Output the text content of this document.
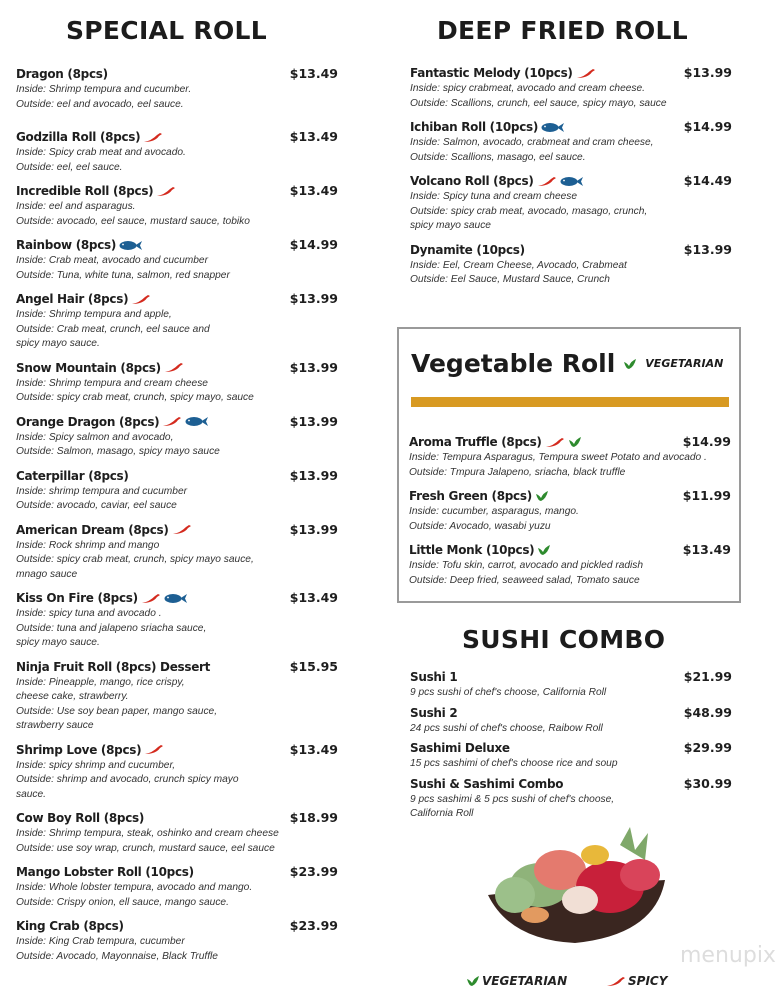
SPECIAL ROLL
Dragon (8pcs)	$13.49
Inside: Shrimp tempura and cucumber.
Outside: eel and avocado, eel sauce.
Godzilla Roll (8pcs)	$13.49
Inside: Spicy crab meat and avocado.
Outside: eel, eel sauce.
Incredible Roll (8pcs)	$13.49
Inside: eel and asparagus.
Outside: avocado, eel sauce, mustard sauce, tobiko
Rainbow (8pcs)	$14.99
Inside: Crab meat, avocado and cucumber
Outside: Tuna, white tuna, salmon, red snapper
Angel Hair (8pcs)	$13.99
Inside: Shrimp tempura and apple,
Outside: Crab meat, crunch, eel sauce and
spicy mayo sauce.
Snow Mountain (8pcs)	$13.99
Inside: Shrimp tempura and cream cheese
Outside: spicy crab meat, crunch, spicy mayo, sauce
Orange Dragon (8pcs)	$13.99
Inside: Spicy salmon and avocado,
Outside: Salmon, masago, spicy mayo sauce
Caterpillar (8pcs)	$13.99
Inside: shrimp tempura and cucumber
Outside: avocado, caviar, eel sauce
American Dream (8pcs)	$13.99
Inside: Rock shrimp and mango
Outside: spicy crab meat, crunch, spicy mayo sauce,
mnago sauce
Kiss On Fire (8pcs)	$13.49
Inside: spicy tuna and avocado .
Outside: tuna and jalapeno sriacha sauce,
spicy mayo sauce.
Ninja Fruit Roll (8pcs) Dessert	$15.95
Inside: Pineapple, mango, rice crispy,
cheese cake, strawberry.
Outside: Use soy bean paper, mango sauce,
strawberry sauce
Shrimp Love (8pcs)	$13.49
Inside: spicy shrimp and cucumber,
Outside: shrimp and avocado, crunch spicy mayo
sauce.
Cow Boy Roll (8pcs)	$18.99
Inside: Shrimp tempura, steak, oshinko and cream cheese
Outside: use soy wrap, crunch, mustard sauce, eel sauce
Mango Lobster Roll (10pcs)	$23.99
Inside: Whole lobster tempura, avocado and mango.
Outside: Crispy onion, ell sauce, mango sauce.
King Crab (8pcs)	$23.99
Inside: King Crab tempura, cucumber
Outside: Avocado, Mayonnaise, Black Truffle
DEEP FRIED ROLL
Fantastic Melody (10pcs)	$13.99
Inside: spicy crabmeat, avocado and cream cheese.
Outside: Scallions, crunch, eel sauce, spicy mayo, sauce
Ichiban Roll (10pcs)	$14.99
Inside: Salmon, avocado, crabmeat and cram cheese,
Outside: Scallions, masago, eel sauce.
Volcano Roll (8pcs)	$14.49
Inside: Spicy tuna and cream cheese
Outside: spicy crab meat, avocado, masago, crunch,
spicy mayo sauce
Dynamite (10pcs)	$13.99
Inside: Eel, Cream Cheese, Avocado, Crabmeat
Outside: Eel Sauce, Mustard Sauce, Crunch
Vegetable Roll	VEGETARIAN
Aroma Truffle (8pcs)	$14.99
Inside: Tempura Asparagus, Tempura sweet Potato and avocado .
Outside: Tmpura Jalapeno, sriacha, black truffle
Fresh Green (8pcs)	$11.99
Inside: cucumber, asparagus, mango.
Outside: Avocado, wasabi yuzu
Little Monk (10pcs)	$13.49
Inside: Tofu skin, carrot, avocado and pickled radish
Outside: Deep fried, seaweed salad, Tomato sauce
SUSHI COMBO
Sushi 1	$21.99
9 pcs sushi of chef's choose, California Roll
Sushi 2	$48.99
24 pcs sushi of chef's choose, Raibow Roll
Sashimi Deluxe	$29.99
15 pcs sashimi of chef's choose rice and soup
Sushi & Sashimi Combo	$30.99
9 pcs sashimi & 5 pcs sushi of chef's choose,
California Roll
VEGETARIAN	SPICY
menupix
